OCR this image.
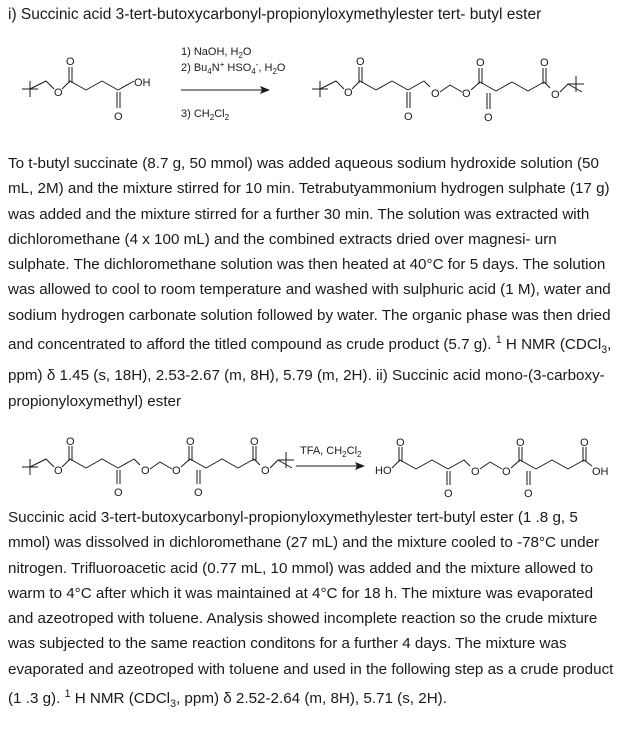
i) Succinic acid 3-tert-butoxycarbonyl-propionyloxymethylester tert- butyl ester
O
O
O
OH
1) NaOH, $H_2O$
2) $Bu_4N^+$ $HSO_4^-$, $H_2O$
3) $CH_2Cl_2$
O
O
O
O O
O	O
O
O

To t-butyl succinate (8.7 g, 50 mmol) was added aqueous sodium hydroxide solution (50 mL, 2M) and the mixture stirred for 10 min. Tetrabutyammonium hydrogen sulphate (17 g) was added and the mixture stirred for a further 30 min. The solution was extracted with dichloromethane (4 x 100 mL) and the combined extracts dried over magnesi- urn sulphate. The dichloromethane solution was then heated at 40°C for 5 days. The solution was allowed to cool to room temperature and washed with sulphuric acid (1 M), water and sodium hydrogen carbonate solution followed by water. The organic phase was then dried and concentrated to afford the titled compound as crude product (5.7 g). $^1$ H NMR (CDCl$_3$, ppm) δ 1.45 (s, 18H), 2.53-2.67 (m, 8H), 5.79 (m, 2H). ii) Succinic acid mono-(3-carboxy- propionyloxymethyl) ester

O
O
O
O O
O	O
O
O
TFA, $CH_2Cl_2$
HO
O
O
O O
O
O
O
OH

Succinic acid 3-tert-butoxycarbonyl-propionyloxymethylester tert-butyl ester (1 .8 g, 5 mmol) was dissolved in dichloromethane (27 mL) and the mixture cooled to -78°C under nitrogen. Trifluoroacetic acid (0.77 mL, 10 mmol) was added and the mixture allowed to warm to 4°C after which it was maintained at 4°C for 18 h. The mixture was evaporated and azeotroped with toluene. Analysis showed incomplete reaction so the crude mixture was subjected to the same reaction conditons for a further 4 days. The mixture was evaporated and azeotroped with toluene and used in the following step as a crude product (1 .3 g). $^1$ H NMR (CDCl$_3$, ppm) δ 2.52-2.64 (m, 8H), 5.71 (s, 2H).
